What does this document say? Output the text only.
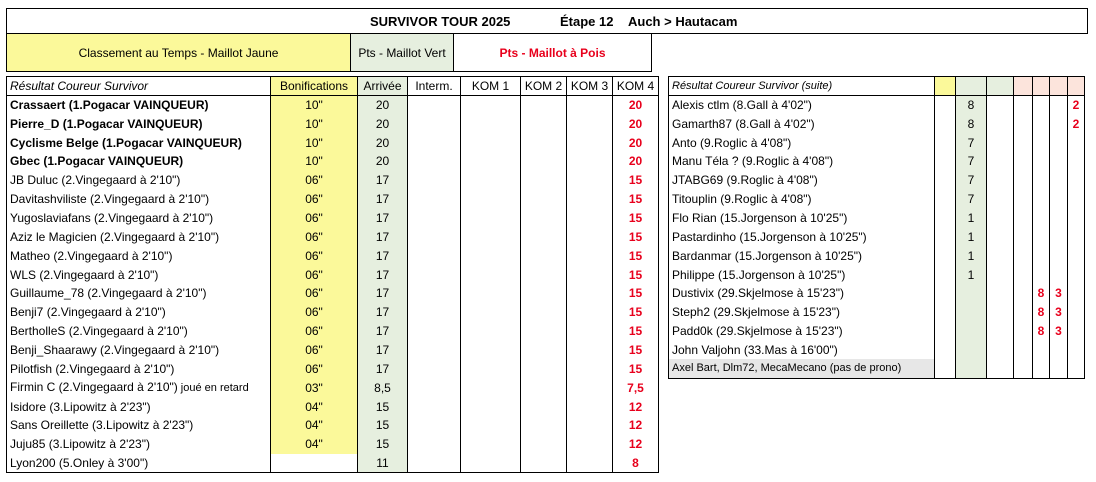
SURVIVOR TOUR 2025	Étape 12 Auch > Hautacam
Classement au Temps - Maillot Jaune	Pts - Maillot Vert	Pts - Maillot à Pois
Résultat Coureur Survivor	Bonifications	Arrivée	Interm.	KOM 1	KOM 2	KOM 3	KOM 4
Crassaert (1.Pogacar VAINQUEUR)	10"	20					20
Pierre_D (1.Pogacar VAINQUEUR)	10"	20					20
Cyclisme Belge (1.Pogacar VAINQUEUR)	10"	20					20
Gbec (1.Pogacar VAINQUEUR)	10"	20					20
JB Duluc (2.Vingegaard à 2'10")	06"	17					15
Davitashviliste (2.Vingegaard à 2'10")	06"	17					15
Yugoslaviafans (2.Vingegaard à 2'10")	06"	17					15
Aziz le Magicien (2.Vingegaard à 2'10")	06"	17					15
Matheo (2.Vingegaard à 2'10")	06"	17					15
WLS (2.Vingegaard à 2'10")	06"	17					15
Guillaume_78 (2.Vingegaard à 2'10")	06"	17					15
Benji7 (2.Vingegaard à 2'10")	06"	17					15
BertholleS (2.Vingegaard à 2'10")	06"	17					15
Benji_Shaarawy (2.Vingegaard à 2'10")	06"	17					15
Pilotfish (2.Vingegaard à 2'10")	06"	17					15
Firmin C (2.Vingegaard à 2'10") joué en retard	03"	8,5					7,5
Isidore (3.Lipowitz à 2'23")	04"	15					12
Sans Oreillette (3.Lipowitz à 2'23")	04"	15					12
Juju85 (3.Lipowitz à 2'23")	04"	15					12
Lyon200 (5.Onley à 3'00")		11					8
Résultat Coureur Survivor (suite)							
Alexis ctlm (8.Gall à 4'02")		8					2
Gamarth87 (8.Gall à 4'02")		8					2
Anto (9.Roglic à 4'08")		7					
Manu Téla ? (9.Roglic à 4'08")		7					
JTABG69 (9.Roglic à 4'08")		7					
Titouplin (9.Roglic à 4'08")		7					
Flo Rian (15.Jorgenson à 10'25")		1					
Pastardinho (15.Jorgenson à 10'25")		1					
Bardanmar (15.Jorgenson à 10'25")		1					
Philippe (15.Jorgenson à 10'25")		1					
Dustivix (29.Skjelmose à 15'23")					8	3	
Steph2 (29.Skjelmose à 15'23")					8	3	
Padd0k (29.Skjelmose à 15'23")					8	3	
John Valjohn (33.Mas à 16'00")							
Axel Bart, Dlm72, MecaMecano (pas de prono)							
